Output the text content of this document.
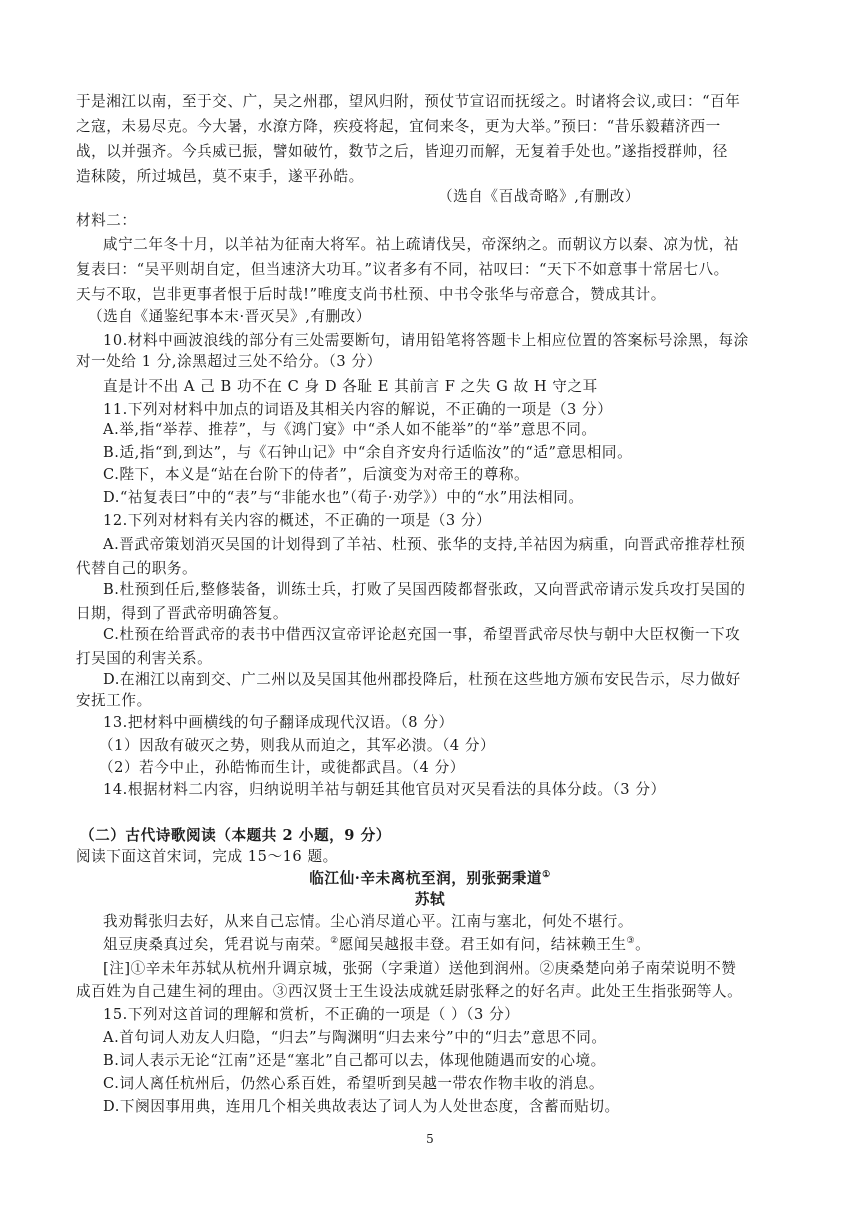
于是湘江以南，至于交、广，吴之州郡，望风归附，预仗节宣诏而抚绥之。时诸将会议,或曰：“百年
之寇，未易尽克。今大暑，水潦方降，疾疫将起，宜伺来冬，更为大举。”预曰：“昔乐毅藉济西一
战，以并强齐。今兵威已振，譬如破竹，数节之后，皆迎刃而解，无复着手处也。”遂指授群帅，径
造秣陵，所过城邑，莫不束手，遂平孙皓。
（选自《百战奇略》,有删改）
材料二：
咸宁二年冬十月，以羊祜为征南大将军。祜上疏请伐吴，帝深纳之。而朝议方以秦、凉为忧，祜
复表曰：“吴平则胡自定，但当速济大功耳。”议者多有不同，祜叹曰：“天下不如意事十常居七八。
天与不取，岂非更事者恨于后时哉!”唯度支尚书杜预、中书令张华与帝意合，赞成其计。
（选自《通鉴纪事本末·晋灭吴》,有删改）
10.材料中画波浪线的部分有三处需要断句，请用铅笔将答题卡上相应位置的答案标号涂黑，每涂
对一处给 1 分,涂黑超过三处不给分。（3 分）
直是计不出 A 己 B 功不在 C 身 D 各耻 E 其前言 F 之失 G 故 H 守之耳
11.下列对材料中加点的词语及其相关内容的解说，不正确的一项是（3 分）
A.举,指“举荐、推荐”，与《鸿门宴》中“杀人如不能举”的“举”意思不同。
B.适,指“到,到达”，与《石钟山记》中“余自齐安舟行适临汝”的“适”意思相同。
C.陛下，本义是“站在台阶下的侍者”，后演变为对帝王的尊称。
D.“祜复表曰”中的“表”与“非能水也”（荀子·劝学》）中的“水”用法相同。
12.下列对材料有关内容的概述，不正确的一项是（3 分）
A.晋武帝策划消灭吴国的计划得到了羊祜、杜预、张华的支持,羊祜因为病重，向晋武帝推荐杜预
代替自己的职务。
B.杜预到任后,整修装备，训练士兵，打败了吴国西陵都督张政，又向晋武帝请示发兵攻打吴国的
日期，得到了晋武帝明确答复。
C.杜预在给晋武帝的表书中借西汉宣帝评论赵充国一事，希望晋武帝尽快与朝中大臣权衡一下攻
打吴国的利害关系。
D.在湘江以南到交、广二州以及吴国其他州郡投降后，杜预在这些地方颁布安民告示，尽力做好
安抚工作。
13.把材料中画横线的句子翻译成现代汉语。（8 分）
（1）因敌有破灭之势，则我从而迫之，其军必溃。（4 分）
（2）若今中止，孙皓怖而生计，或徙都武昌。（4 分）
14.根据材料二内容，归纳说明羊祜与朝廷其他官员对灭吴看法的具体分歧。（3 分）
（二）古代诗歌阅读（本题共 2 小题，9 分）
阅读下面这首宋词，完成 15～16 题。
临江仙·辛未离杭至润，别张弼秉道①
苏轼
我劝髯张归去好，从来自己忘情。尘心消尽道心平。江南与塞北，何处不堪行。
俎豆庚桑真过矣，凭君说与南荣。②愿闻吴越报丰登。君王如有问，结袜赖王生③。
[注]①辛未年苏轼从杭州升调京城，张弼（字秉道）送他到润州。②庚桑楚向弟子南荣说明不赞
成百姓为自己建生祠的理由。③西汉贤士王生设法成就廷尉张释之的好名声。此处王生指张弼等人。
15.下列对这首词的理解和赏析，不正确的一项是（ ）（3 分）
A.首句词人劝友人归隐，“归去”与陶渊明“归去来兮”中的“归去”意思不同。
B.词人表示无论“江南”还是“塞北”自己都可以去，体现他随遇而安的心境。
C.词人离任杭州后，仍然心系百姓，希望听到吴越一带农作物丰收的消息。
D.下阕因事用典，连用几个相关典故表达了词人为人处世态度，含蓄而贴切。
5
